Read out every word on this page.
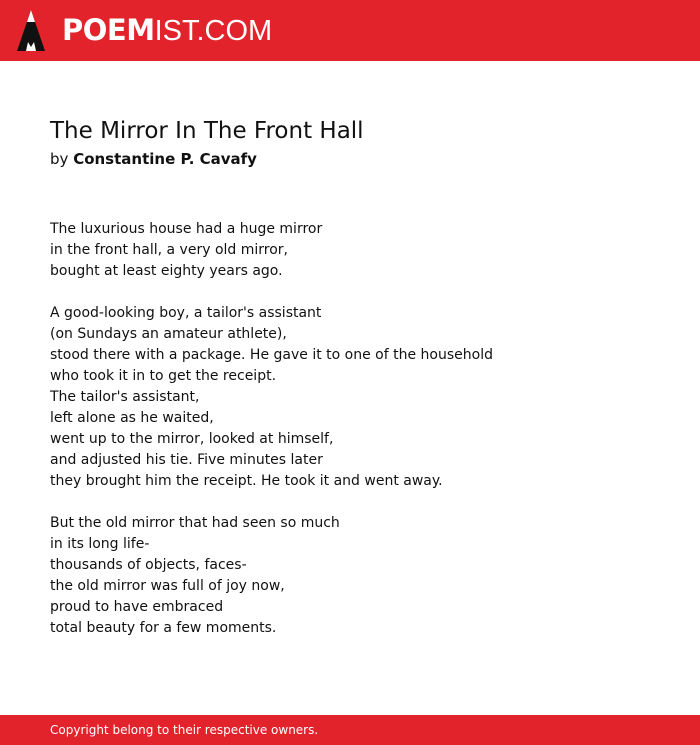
POEMIST.COM
The Mirror In The Front Hall
by Constantine P. Cavafy
The luxurious house had a huge mirror
in the front hall, a very old mirror,
bought at least eighty years ago.
A good-looking boy, a tailor's assistant
(on Sundays an amateur athlete),
stood there with a package. He gave it to one of the household
who took it in to get the receipt.
The tailor's assistant,
left alone as he waited,
went up to the mirror, looked at himself,
and adjusted his tie. Five minutes later
they brought him the receipt. He took it and went away.
But the old mirror that had seen so much
in its long life-
thousands of objects, faces-
the old mirror was full of joy now,
proud to have embraced
total beauty for a few moments.
Copyright belong to their respective owners.
